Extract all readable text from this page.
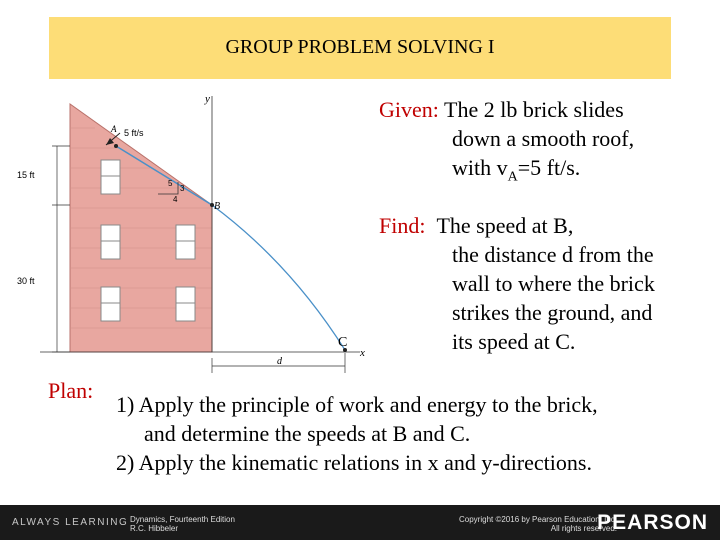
GROUP PROBLEM SOLVING I
y
x
A 5 ft/s
3
5
4
B
C
15 ft
30 ft
d
Given: The 2 lb brick slides
down a smooth roof,
with $v_A=5$ ft/s.
Find: The speed at B,
the distance d from the
wall to where the brick
strikes the ground, and
its speed at C.
Plan:
1) Apply the principle of work and energy to the brick,
and determine the speeds at B and C.
2) Apply the kinematic relations in x and y-directions.
ALWAYS LEARNING Dynamics, Fourteenth Edition
R.C. Hibbeler
Copyright ©2016 by Pearson Education, Inc.
All rights reserved.
PEARSON
